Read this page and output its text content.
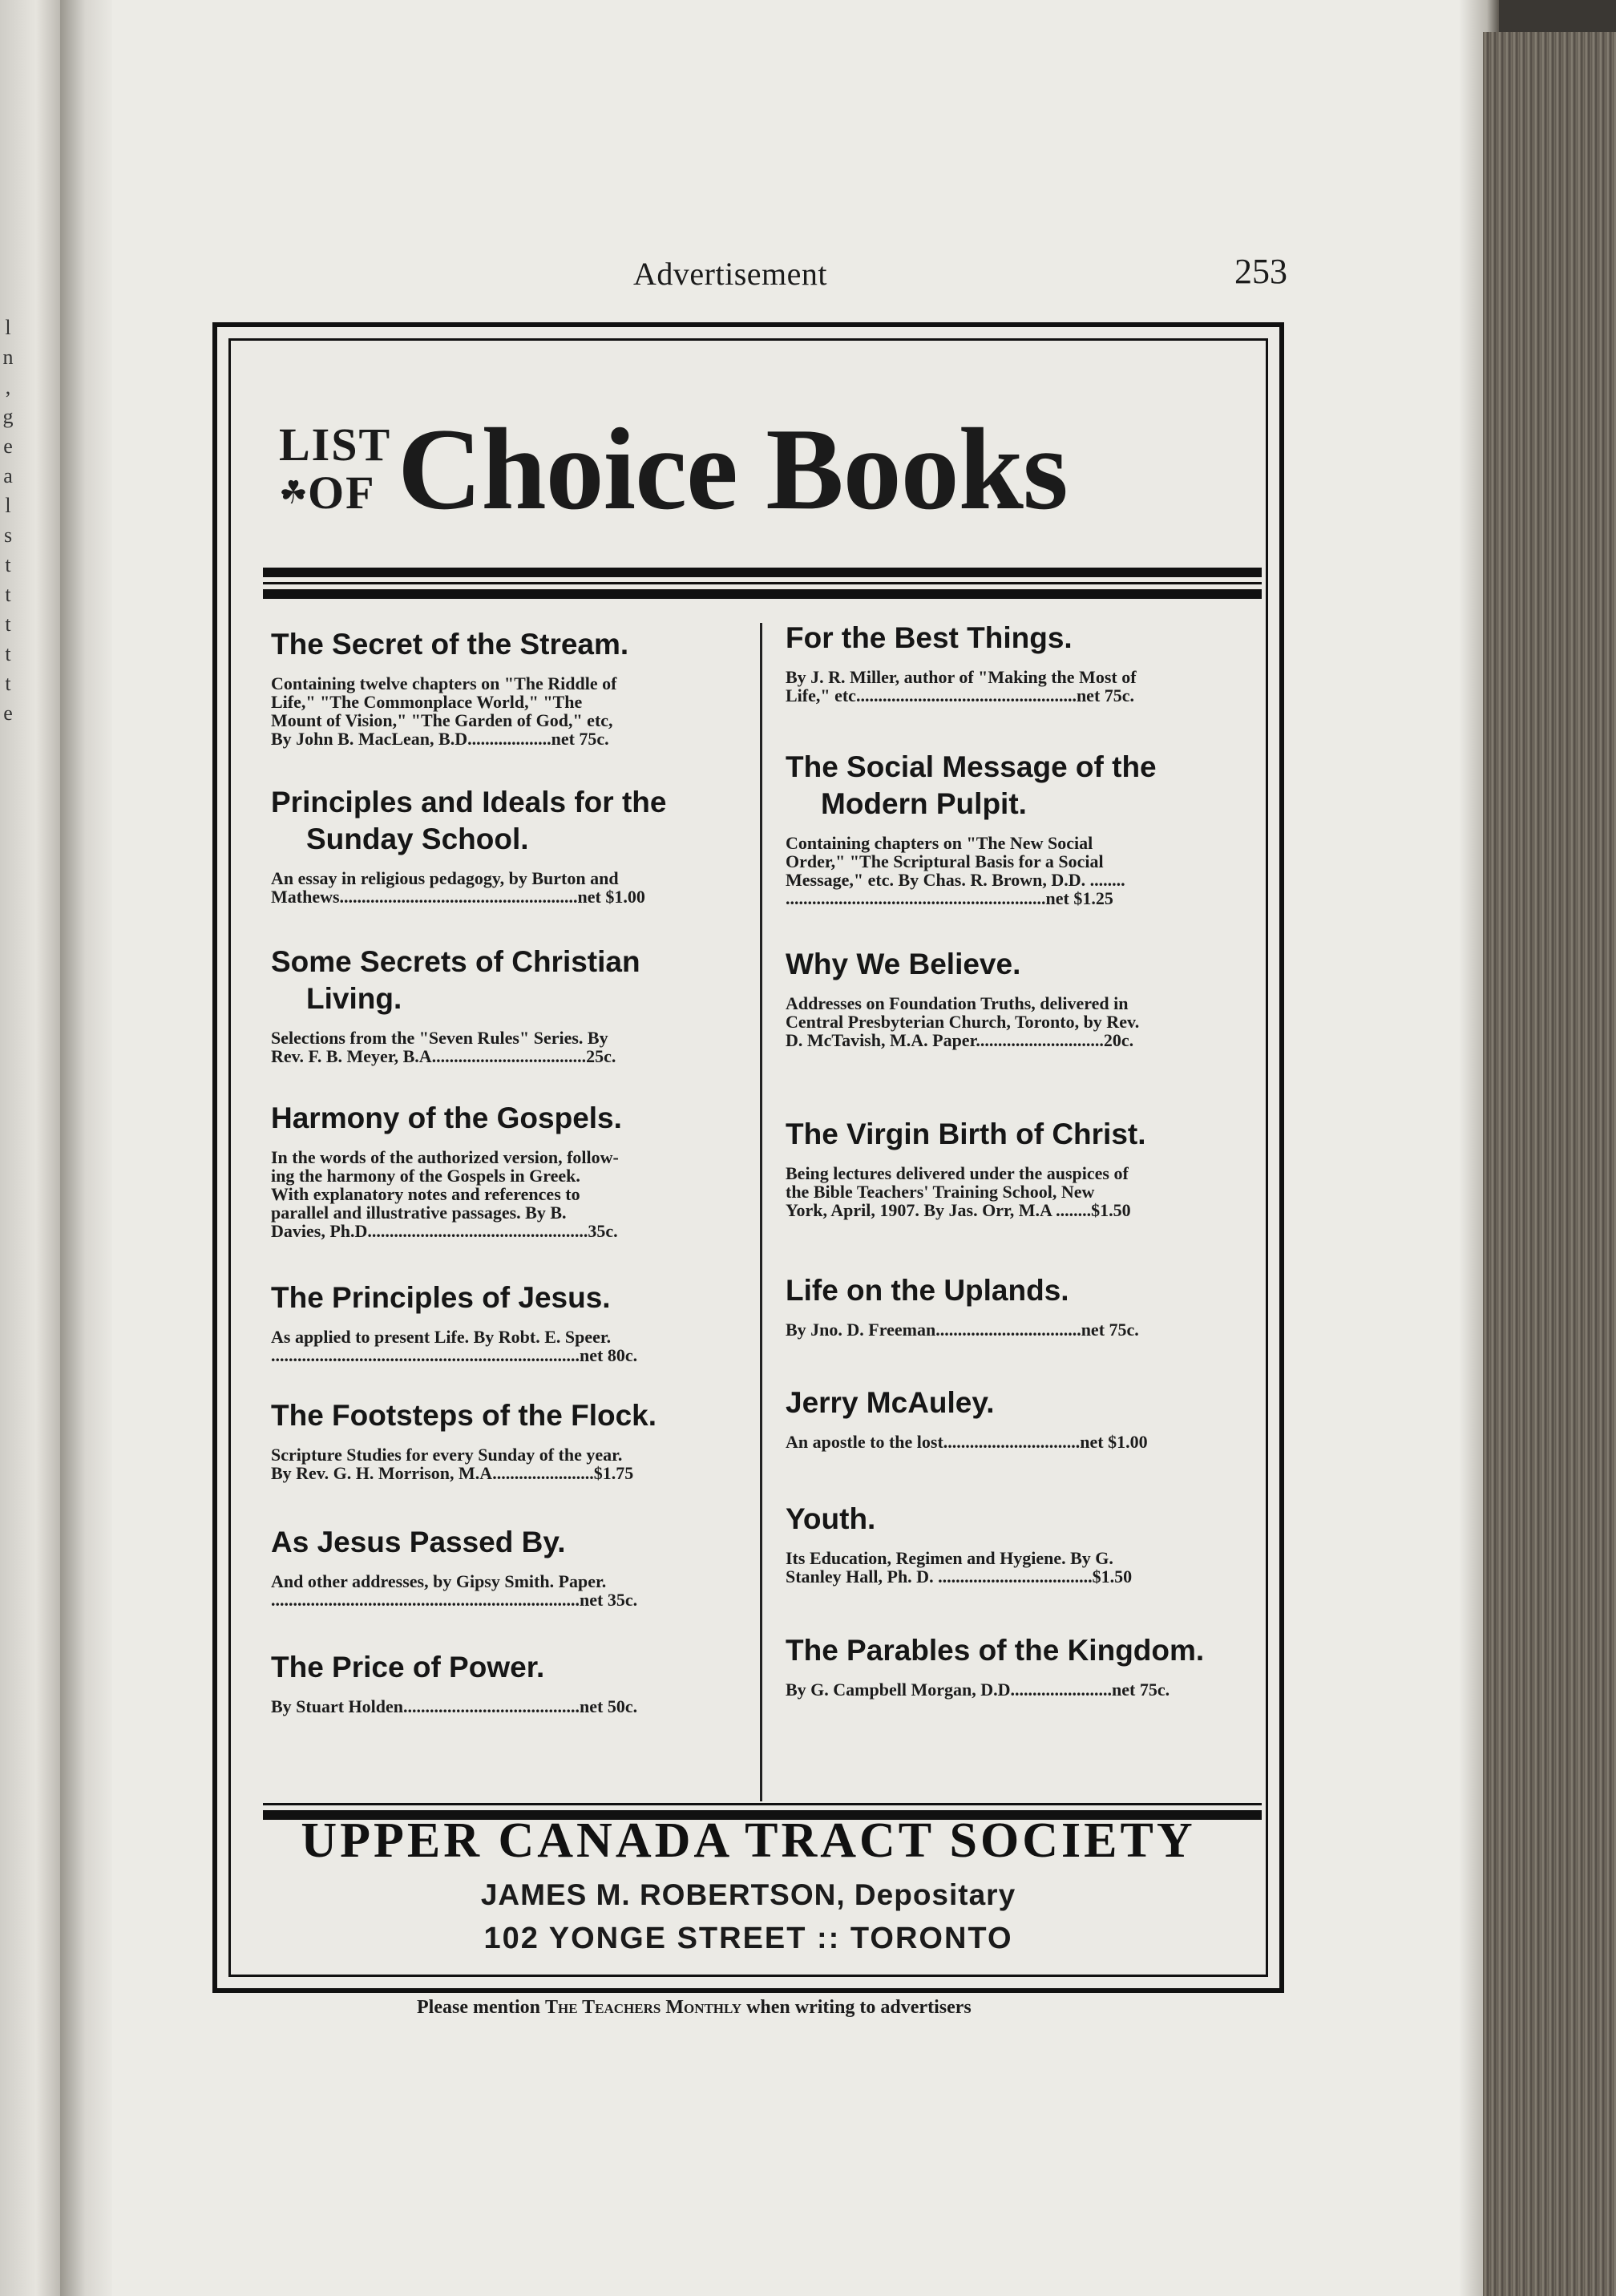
l
n
,
g
e
a
l
s
t
t
t
t
t
e
Advertisement	253
LIST
OF
☘ Choice Books
The Secret of the Stream.
Containing twelve chapters on "The Riddle of
Life," "The Commonplace World," "The
Mount of Vision," "The Garden of God," etc,
By John B. MacLean, B.D...................net 75c.
Principles and Ideals for the
Sunday School.
An essay in religious pedagogy, by Burton and
Mathews......................................................net $1.00
Some Secrets of Christian
Living.
Selections from the "Seven Rules" Series. By
Rev. F. B. Meyer, B.A...................................25c.
Harmony of the Gospels.
In the words of the authorized version, follow-
ing the harmony of the Gospels in Greek.
With explanatory notes and references to
parallel and illustrative passages. By B.
Davies, Ph.D..................................................35c.
The Principles of Jesus.
As applied to present Life. By Robt. E. Speer.
......................................................................net 80c.
The Footsteps of the Flock.
Scripture Studies for every Sunday of the year.
By Rev. G. H. Morrison, M.A.......................$1.75
As Jesus Passed By.
And other addresses, by Gipsy Smith. Paper.
......................................................................net 35c.
The Price of Power.
By Stuart Holden........................................net 50c.
For the Best Things.
By J. R. Miller, author of "Making the Most of
Life," etc..................................................net 75c.
The Social Message of the
Modern Pulpit.
Containing chapters on "The New Social
Order," "The Scriptural Basis for a Social
Message," etc. By Chas. R. Brown, D.D. ........
...........................................................net $1.25
Why We Believe.
Addresses on Foundation Truths, delivered in
Central Presbyterian Church, Toronto, by Rev.
D. McTavish, M.A. Paper.............................20c.
The Virgin Birth of Christ.
Being lectures delivered under the auspices of
the Bible Teachers' Training School, New
York, April, 1907. By Jas. Orr, M.A ........$1.50
Life on the Uplands.
By Jno. D. Freeman.................................net 75c.
Jerry McAuley.
An apostle to the lost...............................net $1.00
Youth.
Its Education, Regimen and Hygiene. By G.
Stanley Hall, Ph. D. ...................................$1.50
The Parables of the Kingdom.
By G. Campbell Morgan, D.D.......................net 75c.
UPPER CANADA TRACT SOCIETY
JAMES M. ROBERTSON, Depositary
102 YONGE STREET :: TORONTO
Please mention The Teachers Monthly when writing to advertisers
